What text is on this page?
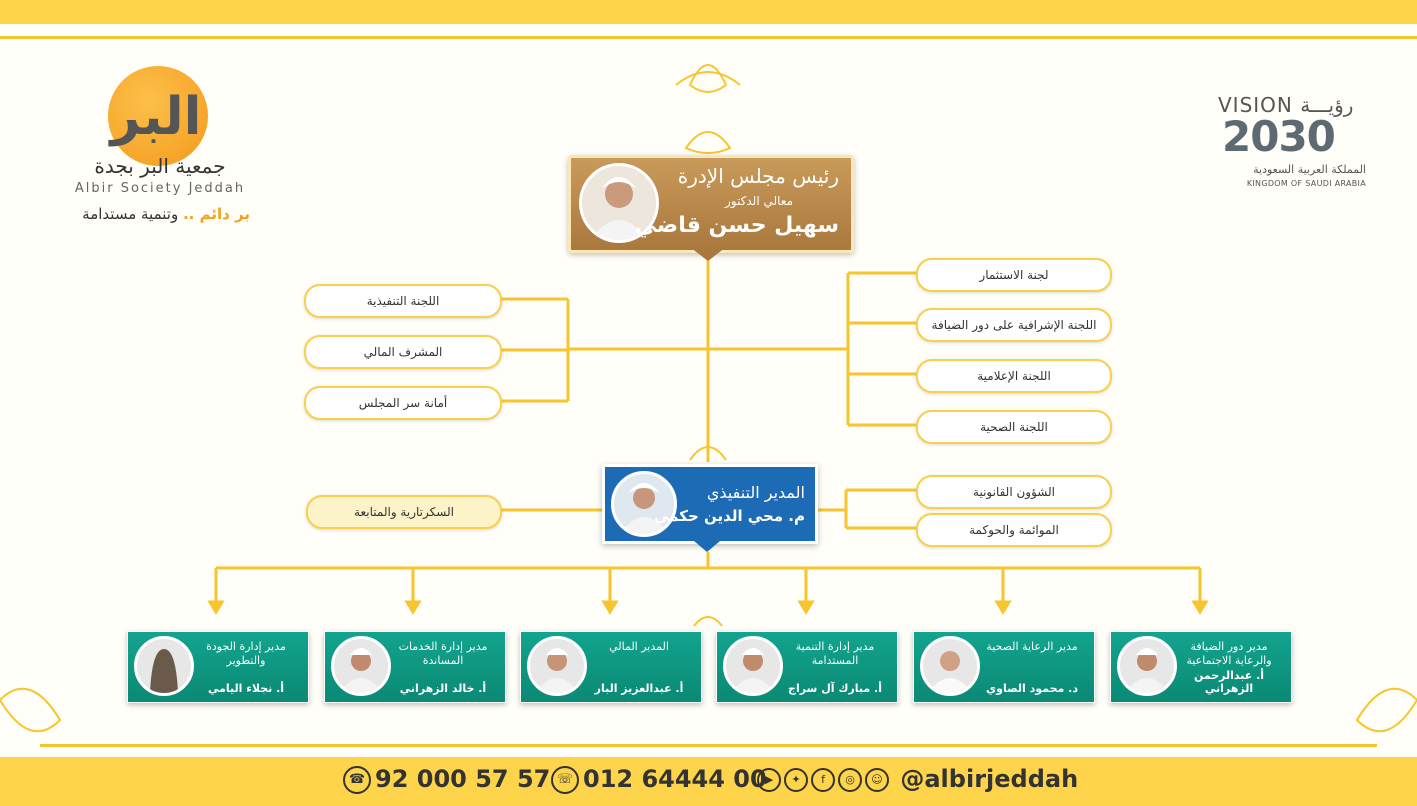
البر
جمعية البر بجدة
Albir Society Jeddah
بر دائم .. وتنمية مستدامة
VISION رؤيـــة
2030
المملكة العربية السعودية
KINGDOM OF SAUDI ARABIA
رئيس مجلس الإدرة
معالي الدكتور
سهيل حسن قاضي
اللجنة التنفيذية
المشرف المالي
أمانة سر المجلس
لجنة الاستثمار
اللجنة الإشرافية على دور الضيافة
اللجنة الإعلامية
اللجنة الصحية
المدير التنفيذي
م. محي الدين حكمي
السكرتارية والمتابعة
الشؤون القانونية
الموائمة والحوكمة
مدير دور الضيافة والرعاية الاجتماعية
أ. عبدالرحمن الزهراني
مدير الرعاية الصحية
د. محمود الصاوي
مدير إدارة التنمية المستدامة
أ. مبارك آل سراج
المدير المالي
أ. عبدالعزيز البار
مدير إدارة الخدمات المساندة
أ. خالد الزهراني
مدير إدارة الجودة والتطوير
أ. نجلاء اليامي
☎ 92 000 57 57 ☏ 012 64444 00
▶ ✦ f ◎ ☺ @albirjeddah
